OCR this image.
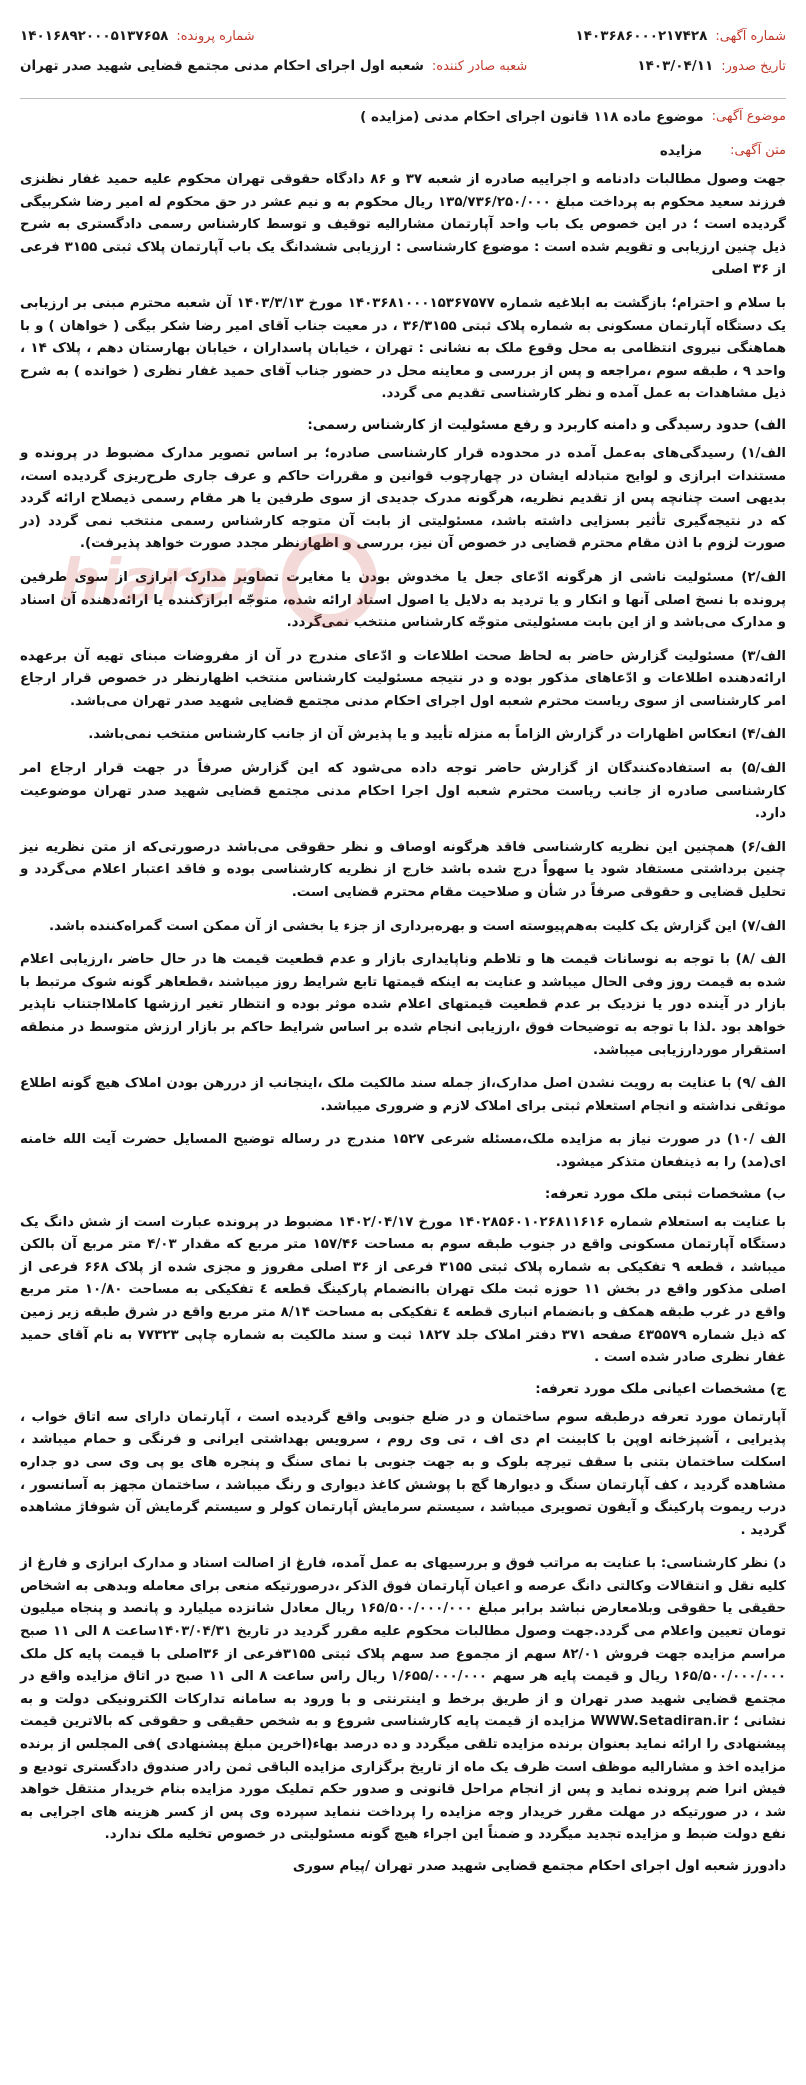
hiaren
شماره آگهی:
۱۴۰۳۶۸۶۰۰۰۲۱۷۴۲۸
شماره پرونده:
۱۴۰۱۶۸۹۲۰۰۰۵۱۳۷۶۵۸
تاریخ صدور:
۱۴۰۳/۰۴/۱۱
شعبه صادر کننده:
شعبه اول اجرای احکام مدنی مجتمع قضایی شهید صدر تهران
موضوع آگهی:
موضوع ماده ۱۱۸ قانون اجرای احکام مدنی (مزایده )
متن آگهی:
مزایده

جهت وصول مطالبات دادنامه و اجراییه صادره از شعبه ۳۷ و ۸۶ دادگاه حقوقی تهران محکوم علیه حمید غفار نظنزی فرزند سعید محکوم به پرداخت مبلغ ۱۳۵/۷۳۶/۲۵۰/۰۰۰ ریال محکوم به و نیم عشر در حق محکوم له امیر رضا شکربیگی گردیده است ؛ در این خصوص یک باب واحد آپارتمان مشارالیه توقیف و توسط کارشناس رسمی دادگستری به شرح ذیل چنین ارزیابی و تقویم شده است : موضوع کارشناسی : ارزیابی ششدانگ یک باب آپارتمان پلاک ثبتی ۳۱۵۵ فرعی از ۳۶ اصلی

با سلام و احترام؛ بازگشت به ابلاغیه شماره ۱۴۰۳۶۸۱۰۰۰۱۵۳۶۷۵۷۷ مورخ ۱۴۰۳/۳/۱۳ آن شعبه محترم مبنی بر ارزیابی یک دستگاه آپارتمان مسکونی به شماره پلاک ثبتی ۳۶/۳۱۵۵ ، در معیت جناب آقای امیر رضا شکر بیگی ( خواهان ) و با هماهنگی نیروی انتظامی به محل وقوع ملک به نشانی : تهران ، خیابان پاسداران ، خیابان بهارستان دهم ، پلاک ۱۴ ، واحد ۹ ، طبقه سوم ،مراجعه و پس از بررسی و معاینه محل در حضور جناب آقای حمید غفار نظری ( خوانده ) به شرح ذیل مشاهدات به عمل آمده و نظر کارشناسی تقدیم می گردد.

الف) حدود رسیدگی و دامنه کاربرد و رفع مسئولیت از کارشناس رسمی:

الف/۱) رسیدگی‌های به‌عمل آمده در محدوده قرار کارشناسی صادره؛ بر اساس تصویر مدارک مضبوط در پرونده و مستندات ابرازی و لوایح متبادله ایشان در چهارچوب قوانین و مقررات حاکم و عرف جاری طرح‌ریزی گردیده است، بدیهی است چنانچه پس از تقدیم نظریه، هرگونه مدرک جدیدی از سوی طرفین یا هر مقام رسمی ذیصلاح ارائه گردد که در نتیجه‌گیری تأثیر بسزایی داشته باشد، مسئولیتی از بابت آن متوجه کارشناس رسمی منتخب نمی گردد (در صورت لزوم با اذن مقام محترم قضایی در خصوص آن نیز، بررسی و اظهارنظر مجدد صورت خواهد پذیرفت).

الف/۲) مسئولیت ناشی از هرگونه ادّعای جعل یا مخدوش بودن یا مغایرت تصاویر مدارک ابرازی از سوی طرفین پرونده با نسخ اصلی آنها و انکار و یا تردید به دلایل یا اصول اسناد ارائه شده، متوجّه ابرازکننده یا ارائه‌دهنده آن اسناد و مدارک می‌باشد و از این بابت مسئولیتی متوجّه کارشناس منتخب نمی‌گردد.

الف/۳) مسئولیت گزارش حاضر به لحاظ صحت اطلاعات و ادّعای مندرج در آن از مفروضات مبنای تهیه آن برعهده ارائه‌دهنده اطلاعات و ادّعاهای مذکور بوده و در نتیجه مسئولیت کارشناس منتخب اظهارنظر در خصوص قرار ارجاع امر کارشناسی از سوی ریاست محترم شعبه اول اجرای احکام مدنی مجتمع قضایی شهید صدر تهران می‌باشد.

الف/۴) انعکاس اظهارات در گزارش الزاماً به منزله تأیید و یا پذیرش آن از جانب کارشناس منتخب نمی‌باشد.

الف/۵) به استفاده‌کنندگان از گزارش حاضر توجه داده می‌شود که این گزارش صرفاً در جهت قرار ارجاع امر کارشناسی صادره از جانب ریاست محترم شعبه اول اجرا احکام مدنی مجتمع قضایی شهید صدر تهران موضوعیت دارد.

الف/۶) همچنین این نظریه کارشناسی فاقد هرگونه اوصاف و نظر حقوقی می‌باشد درصورتی‌که از متن نظریه نیز چنین برداشتی مستفاد شود یا سهواً درج شده باشد خارج از نظریه کارشناسی بوده و فاقد اعتبار اعلام می‌گردد و تحلیل قضایی و حقوقی صرفاً در شأن و صلاحیت مقام محترم قضایی است.

الف/۷) این گزارش یک کلیت به‌هم‌پیوسته است و بهره‌برداری از جزء یا بخشی از آن ممکن است گمراه‌کننده باشد.

الف /۸) با توجه به نوسانات قیمت ها و تلاطم وناپایداری بازار و عدم قطعیت قیمت ها در حال حاضر ،ارزیابی اعلام شده به قیمت روز وفی الحال میباشد و عنایت به اینکه قیمتها تابع شرایط روز میباشند ،قطعاهر گونه شوک مرتبط با بازار در آینده دور یا نزدیک بر عدم قطعیت قیمتهای اعلام شده موثر بوده و انتظار تغیر ارزشها کاملااجتناب ناپذیر خواهد بود .لذا با توجه به توضیحات فوق ،ارزیابی انجام شده بر اساس شرایط حاکم بر بازار ارزش متوسط در منطقه استقرار موردارزیابی میباشد.

الف /۹) با عنایت به رویت نشدن اصل مدارک،از جمله سند مالکیت ملک ،اینجانب از دررهن بودن املاک هیچ گونه اطلاع موثقی نداشته و انجام استعلام ثبتی برای املاک لازم و ضروری میباشد.

الف /۱۰) در صورت نیاز به مزایده ملک،مسئله شرعی ۱۵۲۷ مندرج در رساله توضیح المسایل حضرت آیت الله خامنه ای(مد) را به ذینفعان متذکر میشود.

ب) مشخصات ثبتی ملک مورد تعرفه:

با عنایت به استعلام شماره ۱۴۰۲۸۵۶۰۱۰۲۶۸۱۱۶۱۶ مورخ ۱۴۰۲/۰۴/۱۷ مضبوط در پرونده عبارت است از شش دانگ یک دستگاه آپارتمان مسکونی واقع در جنوب طبقه سوم به مساحت ۱۵۷/۴۶ متر مربع که مقدار ۴/۰۳ متر مربع آن بالکن میباشد ، قطعه ۹ تفکیکی به شماره پلاک ثبتی ۳۱۵۵ فرعی از ۳۶ اصلی مفروز و مجزی شده از پلاک ۶۶۸ فرعی از اصلی مذکور واقع در بخش ۱۱ حوزه ثبت ملک تهران باانضمام پارکینگ قطعه ٤ تفکیکی به مساحت ۱۰/۸۰ متر مربع واقع در غرب طبقه همکف و بانضمام انباری قطعه ٤ تفکیکی به مساحت ۸/۱۴ متر مربع واقع در شرق طبقه زیر زمین که ذیل شماره ٤۳۵۵۷۹ صفحه ۳۷۱ دفتر املاک جلد ۱۸۲۷ ثبت و سند مالکیت به شماره چاپی ۷۷۳۲۳ به نام آقای حمید غفار نظری صادر شده است .

ج) مشخصات اعیانی ملک مورد تعرفه:

آپارتمان مورد تعرفه درطبقه سوم ساختمان و در ضلع جنوبی واقع گردیده است ، آپارتمان دارای سه اتاق خواب ، پذیرایی ، آشپزخانه اوپن با کابینت ام دی اف ، تی وی روم ، سرویس بهداشتی ایرانی و فرنگی و حمام میباشد ، اسکلت ساختمان بتنی با سقف تیرچه بلوک و به جهت جنوبی با نمای سنگ و پنجره های یو پی وی سی دو جداره مشاهده گردید ، کف آپارتمان سنگ و دیوارها گچ با پوشش کاغذ دیواری و رنگ میباشد ، ساختمان مجهز به آسانسور ، درب ریموت پارکینگ و آیفون تصویری میباشد ، سیستم سرمایش آپارتمان کولر و سیستم گرمایش آن شوفاژ مشاهده گردید .

د) نظر کارشناسی: با عنایت به مراتب فوق و بررسیهای به عمل آمده، فارغ از اصالت اسناد و مدارک ابرازی و فارغ از کلیه نقل و انتقالات وکالتی دانگ عرصه و اعیان آپارتمان فوق الذکر ،درصورتیکه منعی برای معامله وبدهی به اشخاص حقیقی یا حقوقی وبلامعارض نباشد برابر مبلغ ۱۶۵/۵۰۰/۰۰۰/۰۰۰ ریال معادل شانزده میلیارد و پانصد و پنجاه میلیون تومان تعیین واعلام می گردد.جهت وصول مطالبات محکوم علیه مقرر گردید در تاریخ ۱۴۰۳/۰۴/۳۱ساعت ۸ الی ۱۱ صبح مراسم مزایده جهت فروش ۸۲/۰۱ سهم از مجموع صد سهم پلاک ثبتی ۳۱۵۵فرعی از ۳۶اصلی با قیمت پایه کل ملک ۱۶۵/۵۰۰/۰۰۰/۰۰۰ ریال و قیمت پایه هر سهم ۱/۶۵۵/۰۰۰/۰۰۰ ریال راس ساعت ۸ الی ۱۱ صبح در اتاق مزایده واقع در مجتمع قضایی شهید صدر تهران و از طریق برخط و اینترنتی و با ورود به سامانه تدارکات الکترونیکی دولت و به نشانی ؛ WWW.Setadiran.ir مزایده از قیمت پایه کارشناسی شروع و به شخص حقیقی و حقوقی که بالاترین قیمت پیشنهادی را ارائه نماید بعنوان برنده مزایده تلقی میگردد و ده درصد بهاء(اخرین مبلغ پیشنهادی )فی المجلس از برنده مزایده اخذ و مشارالیه موظف است ظرف یک ماه از تاریخ برگزاری مزایده الباقی ثمن رادر صندوق دادگستری تودیع و فیش انرا ضم پرونده نماید و پس از انجام مراحل قانونی و صدور حکم تملیک مورد مزایده بنام خریدار منتقل خواهد شد ، در صورتیکه در مهلت مقرر خریدار وجه مزایده را پرداخت ننماید سپرده وی پس از کسر هزینه های اجرایی به نفع دولت ضبط و مزایده تجدید میگردد و ضمناً این اجراء هیچ گونه مسئولیتی در خصوص تخلیه ملک ندارد.

دادورز شعبه اول اجرای احکام مجتمع قضایی شهید صدر تهران /پیام سوری
